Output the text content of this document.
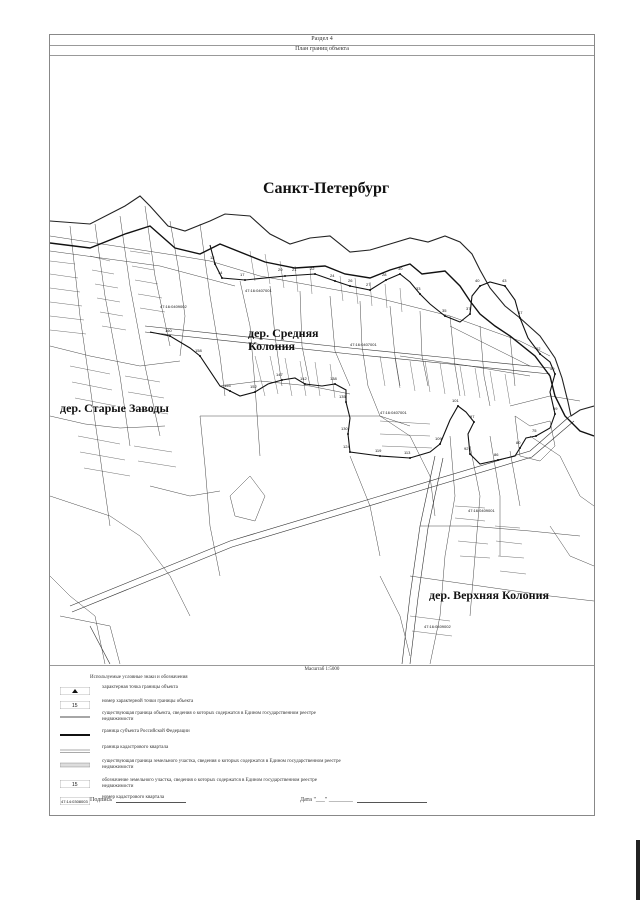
Раздел 4
План границ объекта
12
14	17
20 21	22
24
26
27
28
30
33
35	37
40	43
47
52
59
69
75
80
86
92
97
101
109
113
119
124
130
135
138
142
147
152
155
158
160
47:16:0409002
47:16:0407001
47:16:0407001
47:16:0407001
47:16:0409001
47:16:0409002
Санкт-Петербург
дер. Средняя
Колония
дер. Старые Заводы
дер. Верхняя Колония
Масштаб 1:5000
Используемые условные знаки и обозначения
характерная точка границы объекта
15
номер характерной точки границы объекта
существующая граница объекта, сведения о которых содержатся в Едином государственном реестре недвижимости
граница субъекта Российской Федерации
граница кадастрового квартала
существующая граница земельного участка, сведения о которых содержатся в Едином государственном реестре недвижимости
15
обозначение земельного участка, сведения о которых содержатся в Едином государственном реестре недвижимости
47:14:0308003
номер кадастрового квартала
Подпись	Дата "___" ________
